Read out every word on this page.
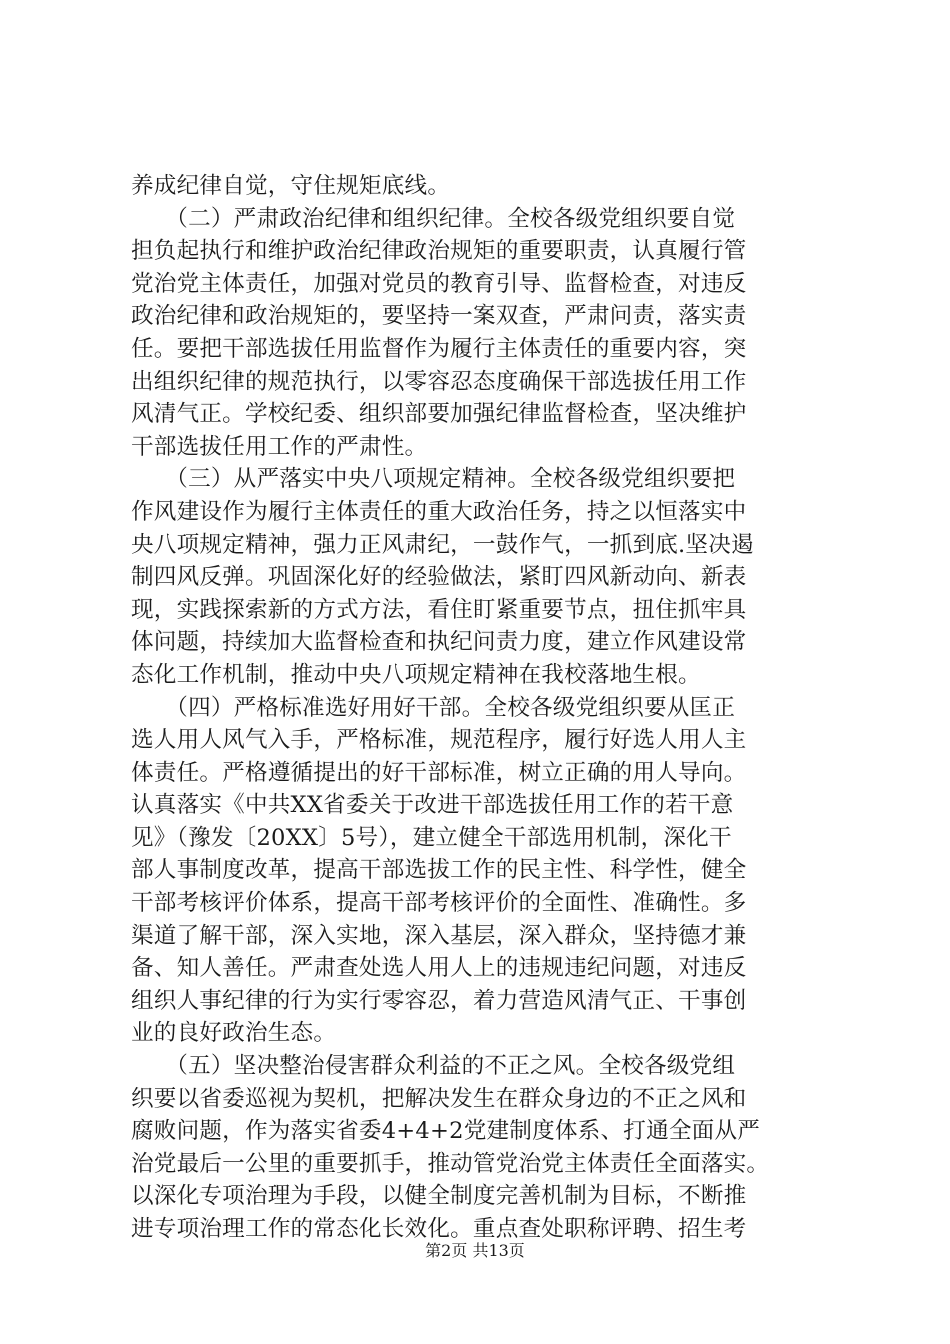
养成纪律自觉，守住规矩底线。
　　（二）严肃政治纪律和组织纪律。全校各级党组织要自觉
担负起执行和维护政治纪律政治规矩的重要职责，认真履行管
党治党主体责任，加强对党员的教育引导、监督检查，对违反
政治纪律和政治规矩的，要坚持一案双查，严肃问责，落实责
任。要把干部选拔任用监督作为履行主体责任的重要内容，突
出组织纪律的规范执行，以零容忍态度确保干部选拔任用工作
风清气正。学校纪委、组织部要加强纪律监督检查，坚决维护
干部选拔任用工作的严肃性。
　　（三）从严落实中央八项规定精神。全校各级党组织要把
作风建设作为履行主体责任的重大政治任务，持之以恒落实中
央八项规定精神，强力正风肃纪，一鼓作气，一抓到底.坚决遏
制四风反弹。巩固深化好的经验做法，紧盯四风新动向、新表
现，实践探索新的方式方法，看住盯紧重要节点，扭住抓牢具
体问题，持续加大监督检查和执纪问责力度，建立作风建设常
态化工作机制，推动中央八项规定精神在我校落地生根。
　　（四）严格标准选好用好干部。全校各级党组织要从匡正
选人用人风气入手，严格标准，规范程序，履行好选人用人主
体责任。严格遵循提出的好干部标准，树立正确的用人导向。
认真落实《中共XX省委关于改进干部选拔任用工作的若干意
见》（豫发〔20XX〕5号），建立健全干部选用机制，深化干
部人事制度改革，提高干部选拔工作的民主性、科学性，健全
干部考核评价体系，提高干部考核评价的全面性、准确性。多
渠道了解干部，深入实地，深入基层，深入群众，坚持德才兼
备、知人善任。严肃查处选人用人上的违规违纪问题，对违反
组织人事纪律的行为实行零容忍，着力营造风清气正、干事创
业的良好政治生态。
　　（五）坚决整治侵害群众利益的不正之风。全校各级党组
织要以省委巡视为契机，把解决发生在群众身边的不正之风和
腐败问题，作为落实省委4+4+2党建制度体系、打通全面从严
治党最后一公里的重要抓手，推动管党治党主体责任全面落实。
以深化专项治理为手段，以健全制度完善机制为目标，不断推
进专项治理工作的常态化长效化。重点查处职称评聘、招生考
第2页 共13页
